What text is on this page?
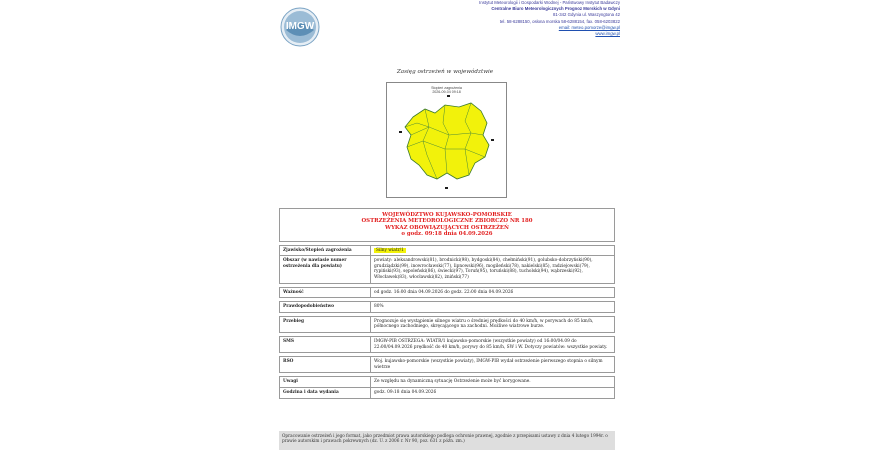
IMGW
Instytut Meteorologii i Gospodarki Wodnej - Państwowy Instytut Badawczy
Centralne Biuro Meteorologicznych Prognoz Morskich w Gdyni
81-342 Gdynia ul. Waszyngtona 42
tel. 58-6288150, osłona morska 58-6288154, fax. 058-6203822
email: meteo.pomorze@imgw.pl
www.imgw.pl
Zasięg ostrzeżeń w województwie
Stopień zagrożenia
2026-09-04 09:18
WOJEWÓDZTWO KUJAWSKO-POMORSKIE
OSTRZEŻENIA METEOROLOGICZNE ZBIORCZO NR 180
WYKAZ OBOWIĄZUJĄCYCH OSTRZEŻEŃ
o godz. 09:18 dnia 04.09.2026	

Zjawisko/Stopień zagrożenia	Silny wiatr/1
Obszar (w nawiasie numer ostrzeżenia dla powiatu)	powiaty: aleksandrowski(81), brodnicki(98), bydgoski(84), chełmiński(91), golubsko-dobrzyński(90), grudziądzki(99), inowrocławski(77), lipnowski(96), mogileński(78), nakielski(85), radziejowski(79), rypiński(93), sępoleński(86), świecki(97), Toruń(95), toruński(88), tucholski(94), wąbrzeski(92), Włocławek(83), włocławski(82), żniński(77)

Ważność	od godz. 16:00 dnia 04.09.2026 do godz. 22:00 dnia 04.09.2026

Prawdopodobieństwo	80%

Przebieg	Prognozuje się wystąpienie silnego wiatru o średniej prędkości do 40 km/h, w porywach do 85 km/h, północnego zachodniego, skręcającego na zachodni. Możliwe wiatrowe burze.

SMS	IMGW-PIB OSTRZEGA: WIATR/1 kujawsko-pomorskie (wszystkie powiaty) od 16:00/04.09 do 22:00/04.09.2026 prędkość do 40 km/h, porywy do 85 km/h, SW i W. Dotyczy powiatów: wszystkie powiaty.

RSO	Woj. kujawsko-pomorskie (wszystkie powiaty), IMGW-PIB wydał ostrzeżenie pierwszego stopnia o silnym wietrze

Uwagi	Ze względu na dynamiczną sytuację Ostrzeżenie może być korygowane.
Godzina i data wydania	godz. 09:18 dnia 04.09.2026
Opracowanie ostrzeżeń i jego format, jako przedmiot prawa autorskiego podlega ochronie prawnej, zgodnie z przepisami ustawy z dnia 4 lutego 1994r. o prawie autorskim i prawach pokrewnych (dz. U. z 2006 r. Nr 90, poz. 631 z późn. zm.)
